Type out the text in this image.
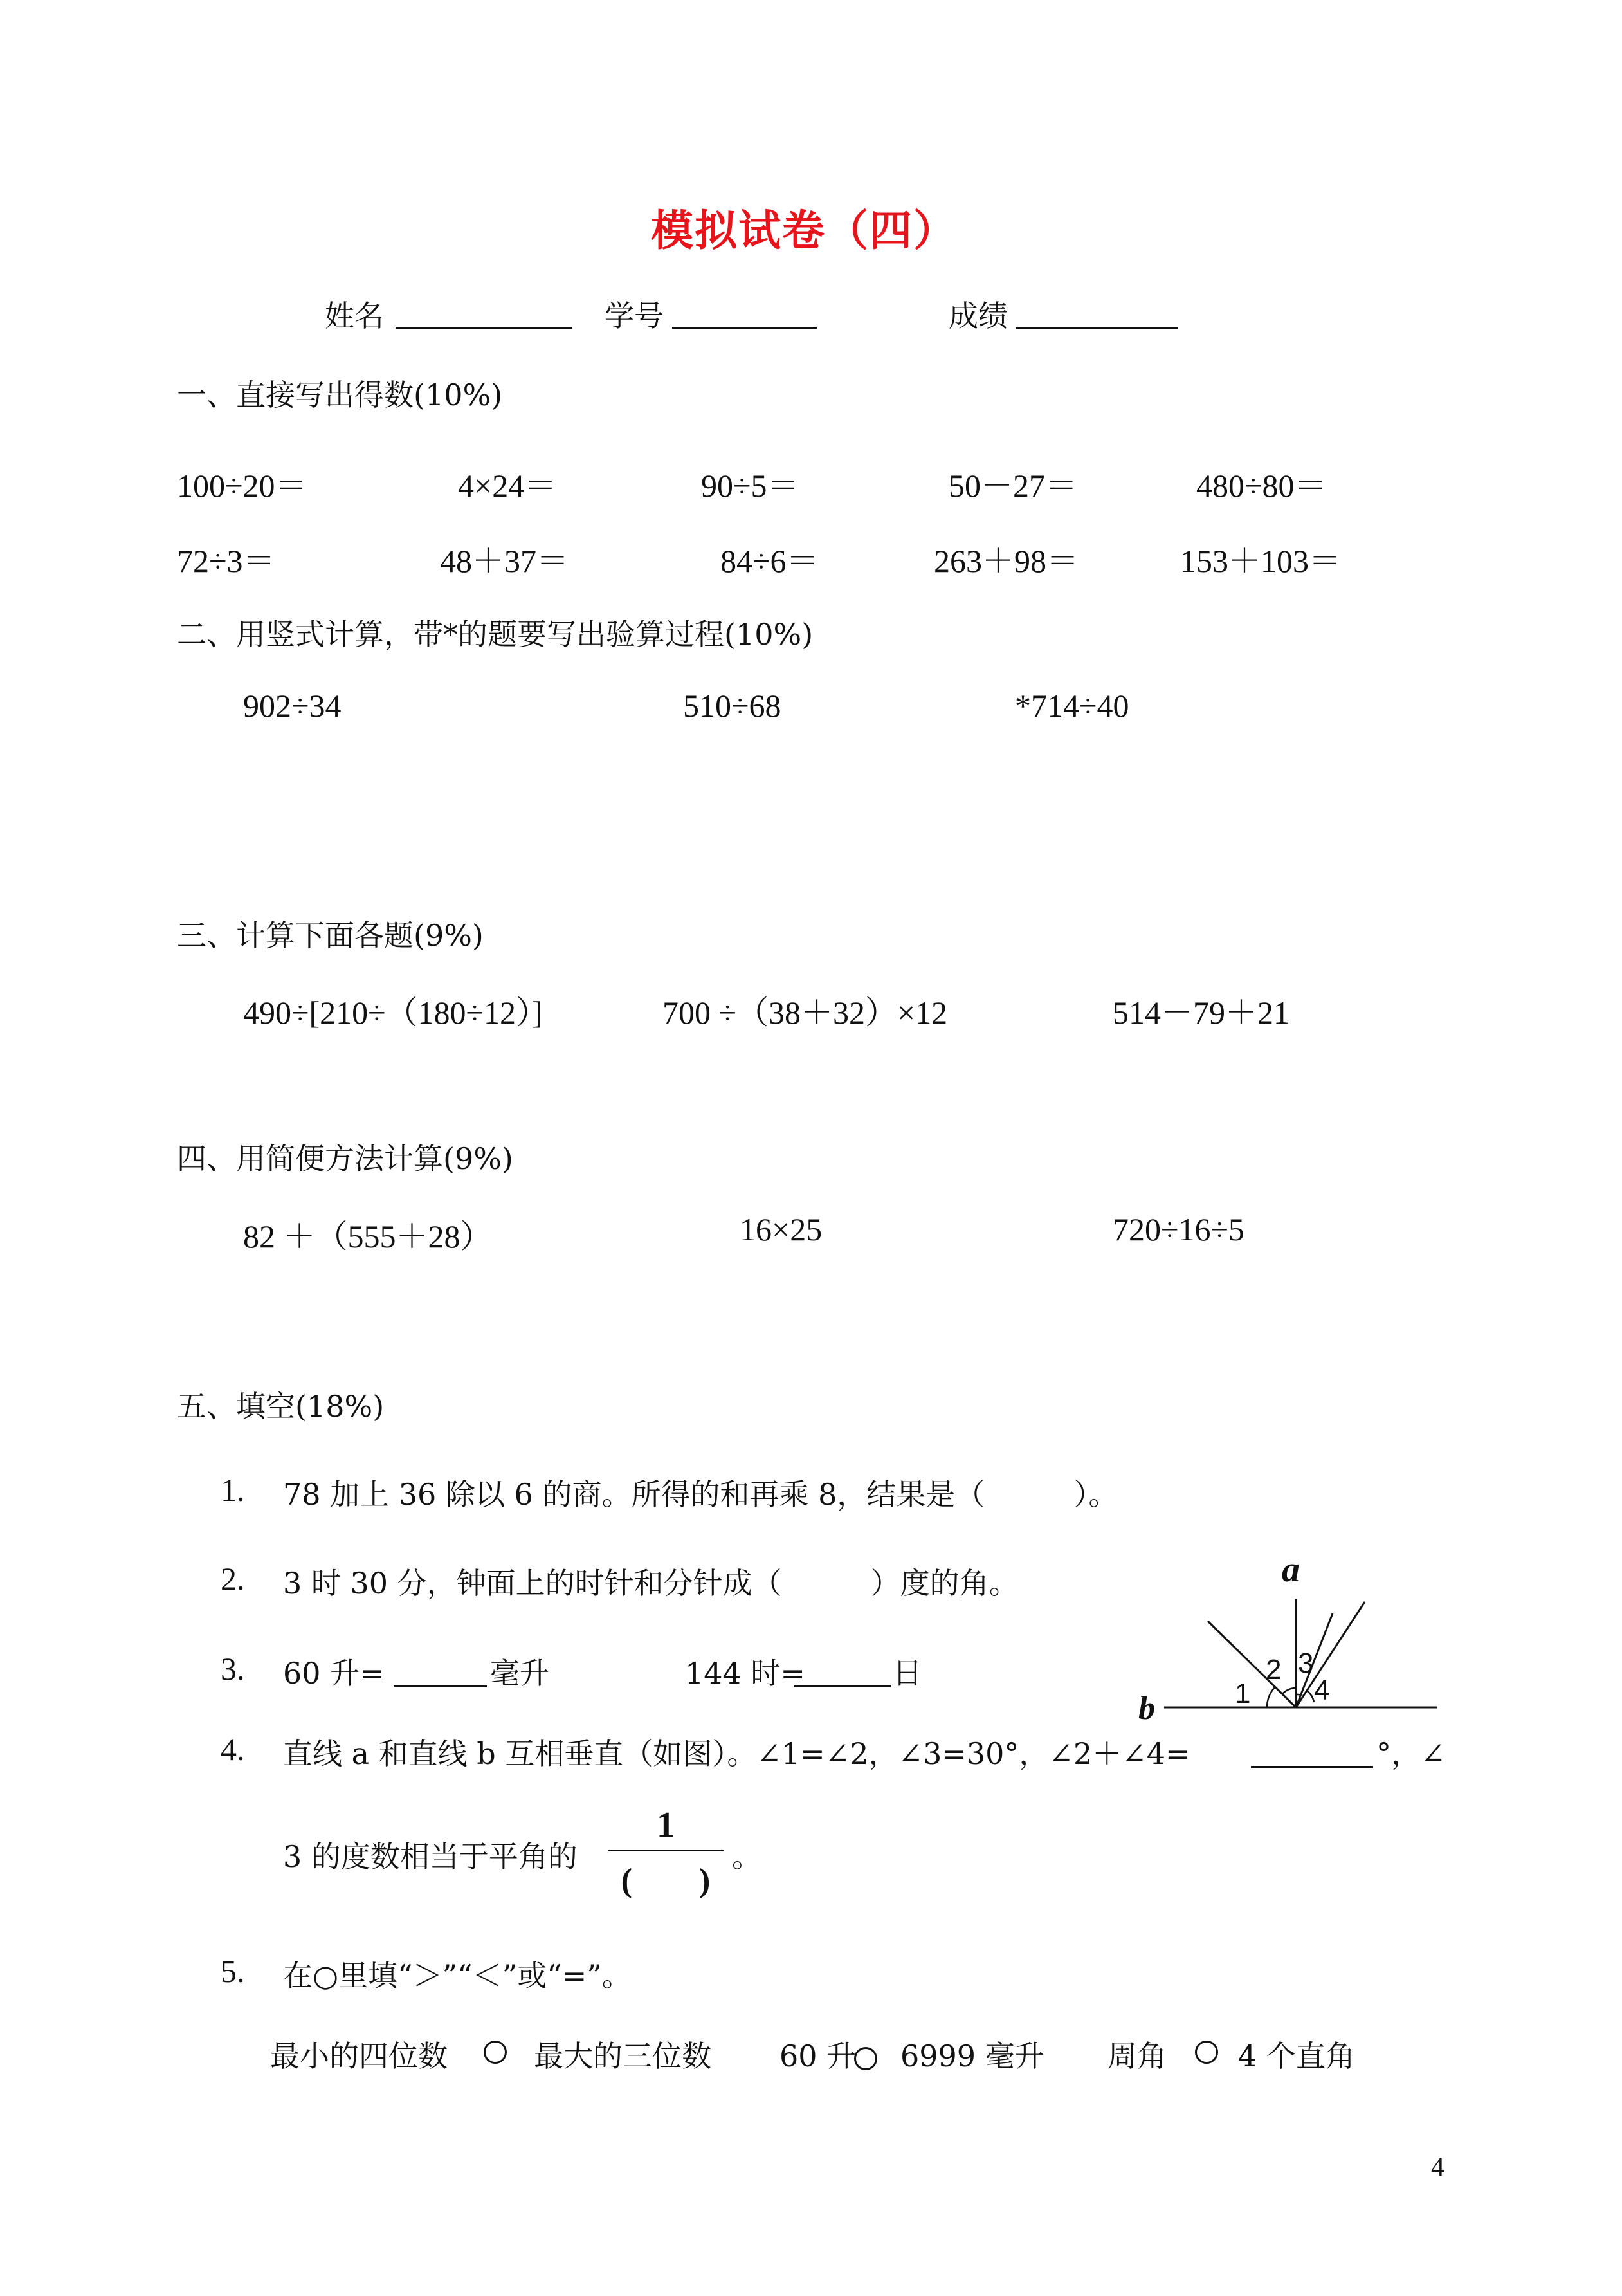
模拟试卷（四）
姓名	学号	成绩
一、直接写出得数(10%)
100÷20＝	4×24＝	90÷5＝	50－27＝	480÷80＝
72÷3＝	48＋37＝	84÷6＝	263＋98＝	153＋103＝
二、用竖式计算，带*的题要写出验算过程(10%)
902÷34	510÷68	*714÷40
三、计算下面各题(9%)
490÷[210÷（180÷12）]	700 ÷（38＋32）×12	514－79＋21
四、用简便方法计算(9%)
82 ＋（555＋28）	16×25	720÷16÷5
五、填空(18%)
1. 78 加上 36 除以 6 的商。所得的和再乘 8，结果是（　　　）。
2. 3 时 30 分，钟面上的时针和分针成（　　　）度的角。
3. 60 升=	毫升	144 时=	日
4. 直线 a 和直线 b 互相垂直（如图）。∠1=∠2，∠3=30°，∠2＋∠4=	°，∠
3 的度数相当于平角的
1
(　　)
。
5. 在○里填“＞”“＜”或“=”。
最小的四位数	最大的三位数 60 升 6999 毫升 周角 4 个直角
a
b	1
2 3
4
4
